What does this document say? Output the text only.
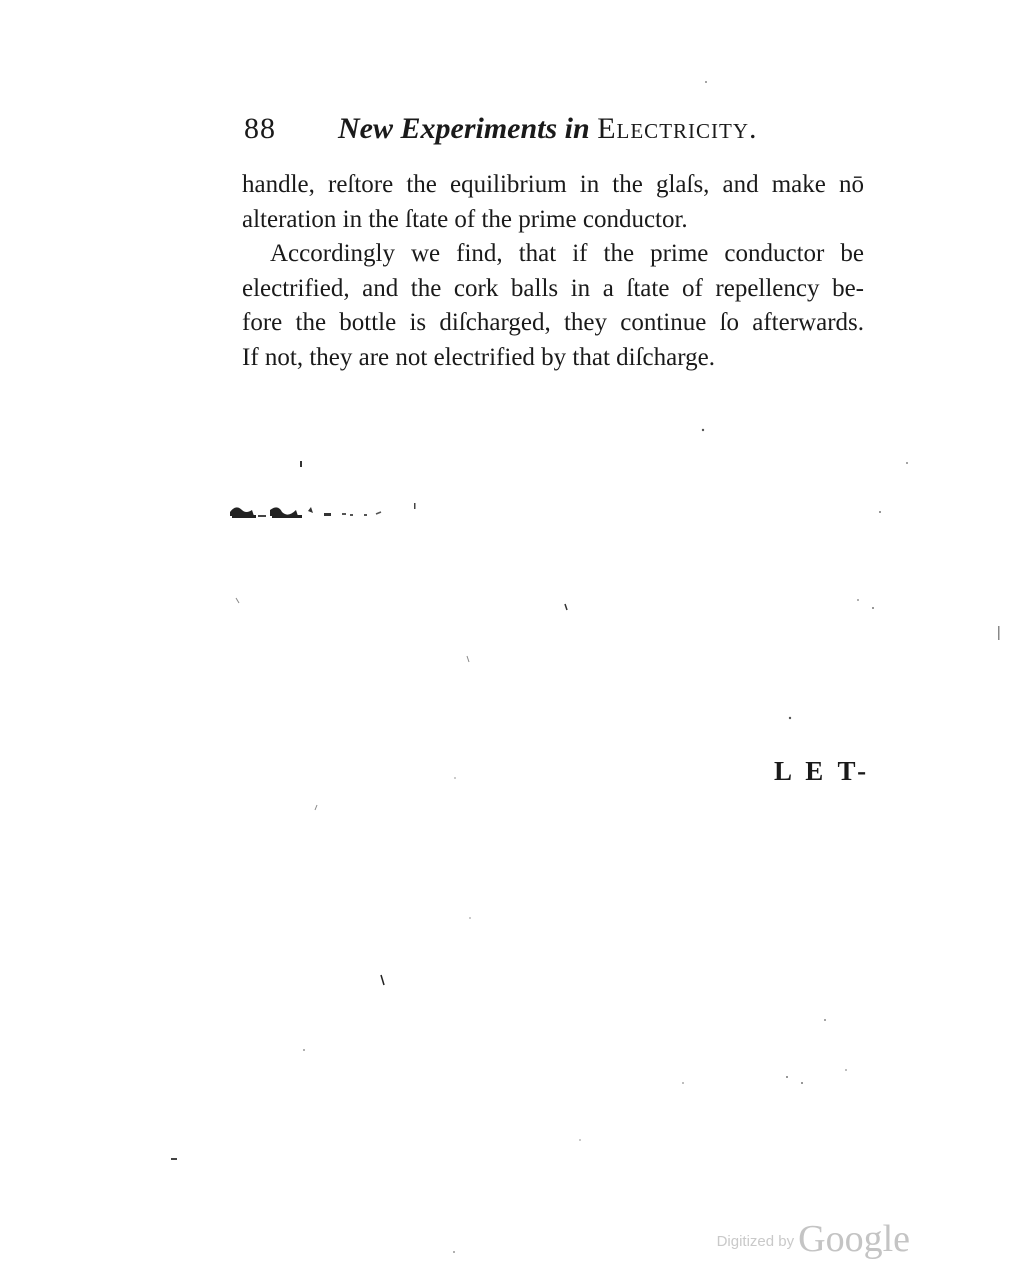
88 New Experiments in Electricity.
handle, reſtore the equilibrium in the glaſs, and make nō
alteration in the ſtate of the prime conductor.
Accordingly we find, that if the prime conductor be
electrified, and the cork balls in a ſtate of repellency be-
fore the bottle is diſcharged, they continue ſo afterwards.
If not, they are not electrified by that diſcharge.
L E T-
Digitized by Google
